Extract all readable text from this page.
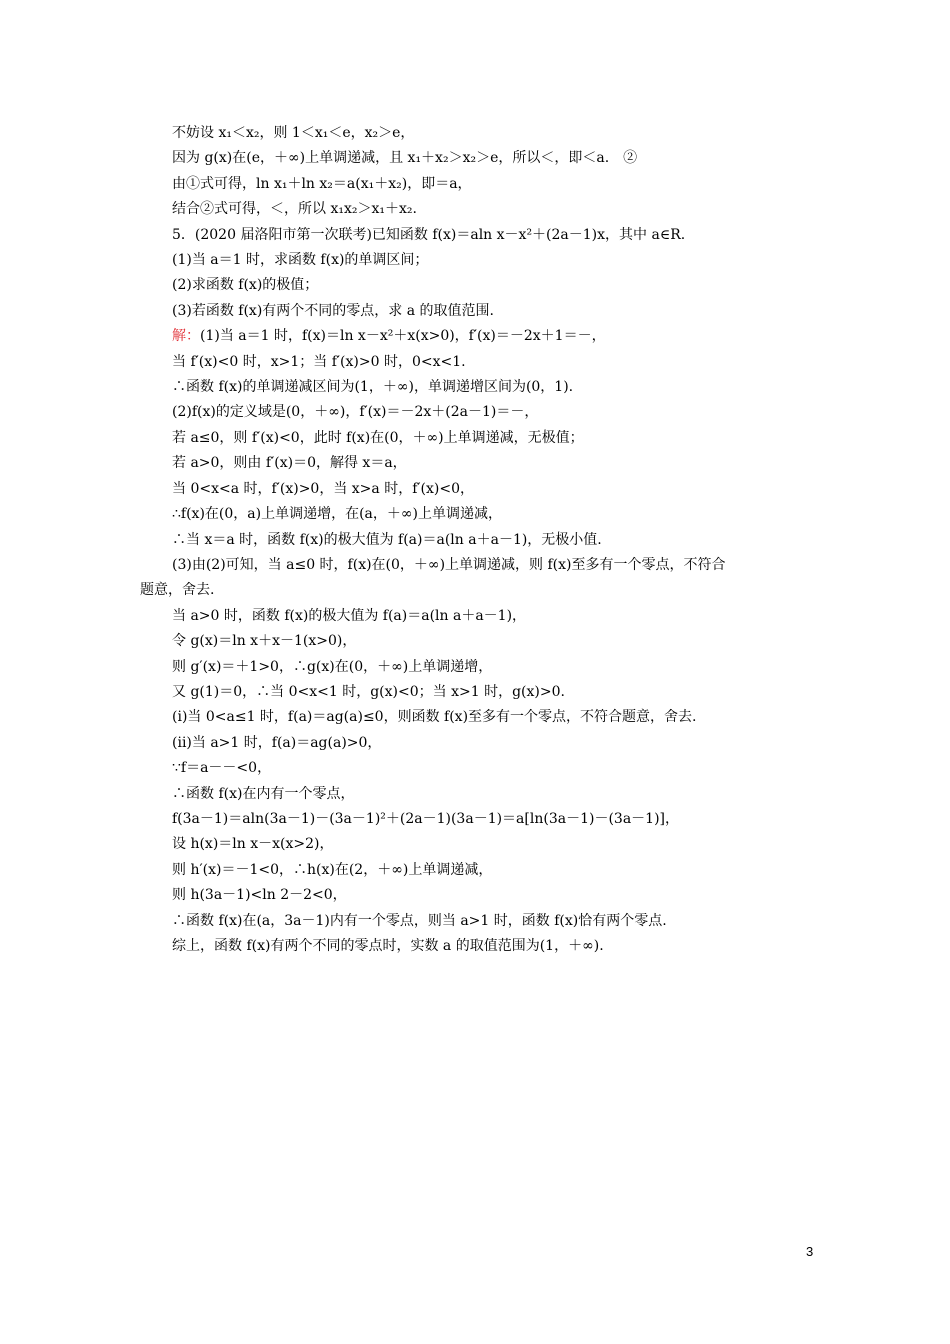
不妨设 x₁＜x₂，则 1＜x₁＜e，x₂＞e，
因为 g(x)在(e，＋∞)上单调递减，且 x₁＋x₂＞x₂＞e，所以＜，即＜a.　②
由①式可得，ln x₁＋ln x₂＝a(x₁＋x₂)，即＝a，
结合②式可得，＜，所以 x₁x₂＞x₁＋x₂.
5．(2020 届洛阳市第一次联考)已知函数 f(x)＝aln x－x²＋(2a－1)x，其中 a∈R.
(1)当 a＝1 时，求函数 f(x)的单调区间；
(2)求函数 f(x)的极值；
(3)若函数 f(x)有两个不同的零点，求 a 的取值范围.
解：(1)当 a＝1 时，f(x)＝ln x－x²＋x(x>0)，f′(x)＝－2x＋1＝－，
当 f′(x)<0 时，x>1；当 f′(x)>0 时，0<x<1.
∴函数 f(x)的单调递减区间为(1，＋∞)，单调递增区间为(0，1).
(2)f(x)的定义域是(0，＋∞)，f′(x)＝－2x＋(2a－1)＝－，
若 a≤0，则 f′(x)<0，此时 f(x)在(0，＋∞)上单调递减，无极值；
若 a>0，则由 f′(x)＝0，解得 x＝a，
当 0<x<a 时，f′(x)>0，当 x>a 时，f′(x)<0，
∴f(x)在(0，a)上单调递增，在(a，＋∞)上单调递减，
∴当 x＝a 时，函数 f(x)的极大值为 f(a)＝a(ln a＋a－1)，无极小值.
(3)由(2)可知，当 a≤0 时，f(x)在(0，＋∞)上单调递减，则 f(x)至多有一个零点，不符合
题意，舍去.
当 a>0 时，函数 f(x)的极大值为 f(a)＝a(ln a＋a－1)，
令 g(x)＝ln x＋x－1(x>0)，
则 g′(x)＝＋1>0，∴g(x)在(0，＋∞)上单调递增，
又 g(1)＝0，∴当 0<x<1 时，g(x)<0；当 x>1 时，g(x)>0.
(ⅰ)当 0<a≤1 时，f(a)＝ag(a)≤0，则函数 f(x)至多有一个零点，不符合题意，舍去.
(ⅱ)当 a>1 时，f(a)＝ag(a)>0，
∵f＝a－－<0，
∴函数 f(x)在内有一个零点，
f(3a－1)＝aln(3a－1)－(3a－1)²＋(2a－1)(3a－1)＝a[ln(3a－1)－(3a－1)]，
设 h(x)＝ln x－x(x>2)，
则 h′(x)＝－1<0，∴h(x)在(2，＋∞)上单调递减，
则 h(3a－1)<ln 2－2<0，
∴函数 f(x)在(a，3a－1)内有一个零点，则当 a>1 时，函数 f(x)恰有两个零点.
综上，函数 f(x)有两个不同的零点时，实数 a 的取值范围为(1，＋∞).
3
